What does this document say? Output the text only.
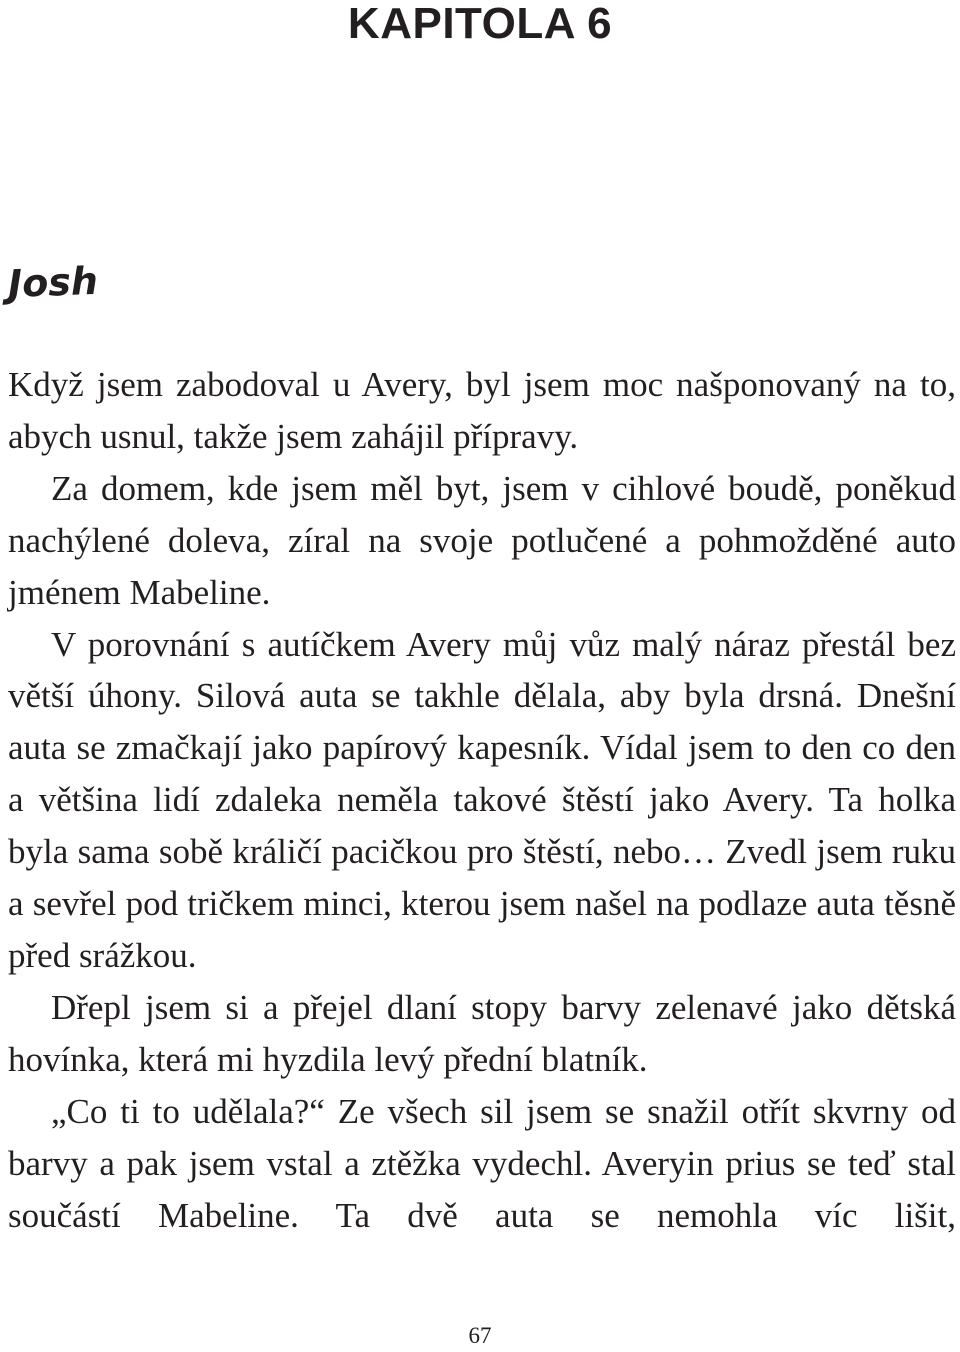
KAPITOLA 6
Josh

Když jsem zabodoval u Avery, byl jsem moc našponovaný na to, abych usnul, takže jsem zahájil přípravy.

Za domem, kde jsem měl byt, jsem v cihlové boudě, poněkud nachýlené doleva, zíral na svoje potlučené a pohmožděné auto jménem Mabeline.

V porovnání s autíčkem Avery můj vůz malý náraz přestál bez větší úhony. Silová auta se takhle dělala, aby byla drsná. Dnešní auta se zmačkají jako papírový kapesník. Vídal jsem to den co den a většina lidí zdaleka neměla takové štěstí jako Avery. Ta holka byla sama sobě králičí pacičkou pro štěstí, nebo… Zvedl jsem ruku a sevřel pod tričkem minci, kterou jsem našel na podlaze auta těsně před srážkou.

Dřepl jsem si a přejel dlaní stopy barvy zelenavé jako dětská hovínka, která mi hyzdila levý přední blatník.

„Co ti to udělala?“ Ze všech sil jsem se snažil otřít skvrny od barvy a pak jsem vstal a ztěžka vydechl. Averyin prius se teď stal součástí Mabeline. Ta dvě auta se nemohla víc lišit,

67
